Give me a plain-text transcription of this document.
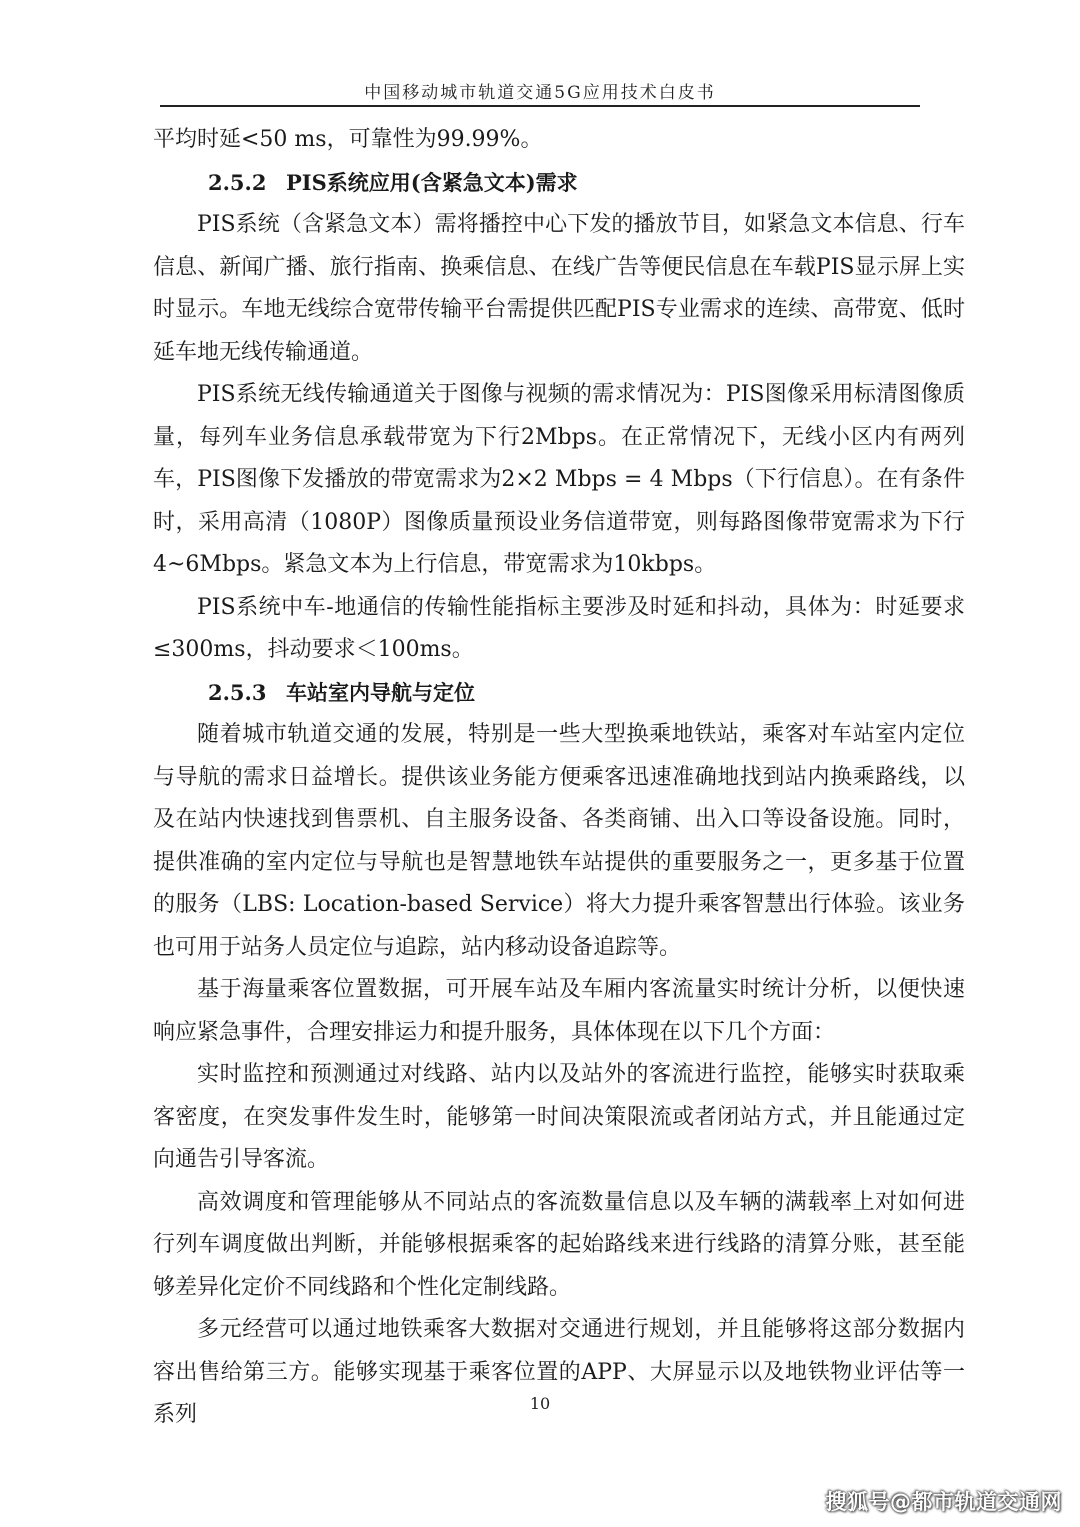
中国移动城市轨道交通5G应用技术白皮书

平均时延<50 ms，可靠性为99.99%。

2.5.2 PIS系统应用(含紧急文本)需求

PIS系统（含紧急文本）需将播控中心下发的播放节目，如紧急文本信息、行车信息、新闻广播、旅行指南、换乘信息、在线广告等便民信息在车载PIS显示屏上实时显示。车地无线综合宽带传输平台需提供匹配PIS专业需求的连续、高带宽、低时延车地无线传输通道。

PIS系统无线传输通道关于图像与视频的需求情况为：PIS图像采用标清图像质量，每列车业务信息承载带宽为下行2Mbps。在正常情况下，无线小区内有两列车，PIS图像下发播放的带宽需求为2×2 Mbps = 4 Mbps（下行信息）。在有条件时，采用高清（1080P）图像质量预设业务信道带宽，则每路图像带宽需求为下行4~6Mbps。紧急文本为上行信息，带宽需求为10kbps。

PIS系统中车-地通信的传输性能指标主要涉及时延和抖动，具体为：时延要求≤300ms，抖动要求＜100ms。

2.5.3 车站室内导航与定位

随着城市轨道交通的发展，特别是一些大型换乘地铁站，乘客对车站室内定位与导航的需求日益增长。提供该业务能方便乘客迅速准确地找到站内换乘路线，以及在站内快速找到售票机、自主服务设备、各类商铺、出入口等设备设施。同时，提供准确的室内定位与导航也是智慧地铁车站提供的重要服务之一，更多基于位置的服务（LBS: Location-based Service）将大力提升乘客智慧出行体验。该业务也可用于站务人员定位与追踪，站内移动设备追踪等。

基于海量乘客位置数据，可开展车站及车厢内客流量实时统计分析，以便快速响应紧急事件，合理安排运力和提升服务，具体体现在以下几个方面：

实时监控和预测通过对线路、站内以及站外的客流进行监控，能够实时获取乘客密度，在突发事件发生时，能够第一时间决策限流或者闭站方式，并且能通过定向通告引导客流。

高效调度和管理能够从不同站点的客流数量信息以及车辆的满载率上对如何进行列车调度做出判断，并能够根据乘客的起始路线来进行线路的清算分账，甚至能够差异化定价不同线路和个性化定制线路。

多元经营可以通过地铁乘客大数据对交通进行规划，并且能够将这部分数据内容出售给第三方。能够实现基于乘客位置的APP、大屏显示以及地铁物业评估等一系列	10
搜狐号@都市轨道交通网
